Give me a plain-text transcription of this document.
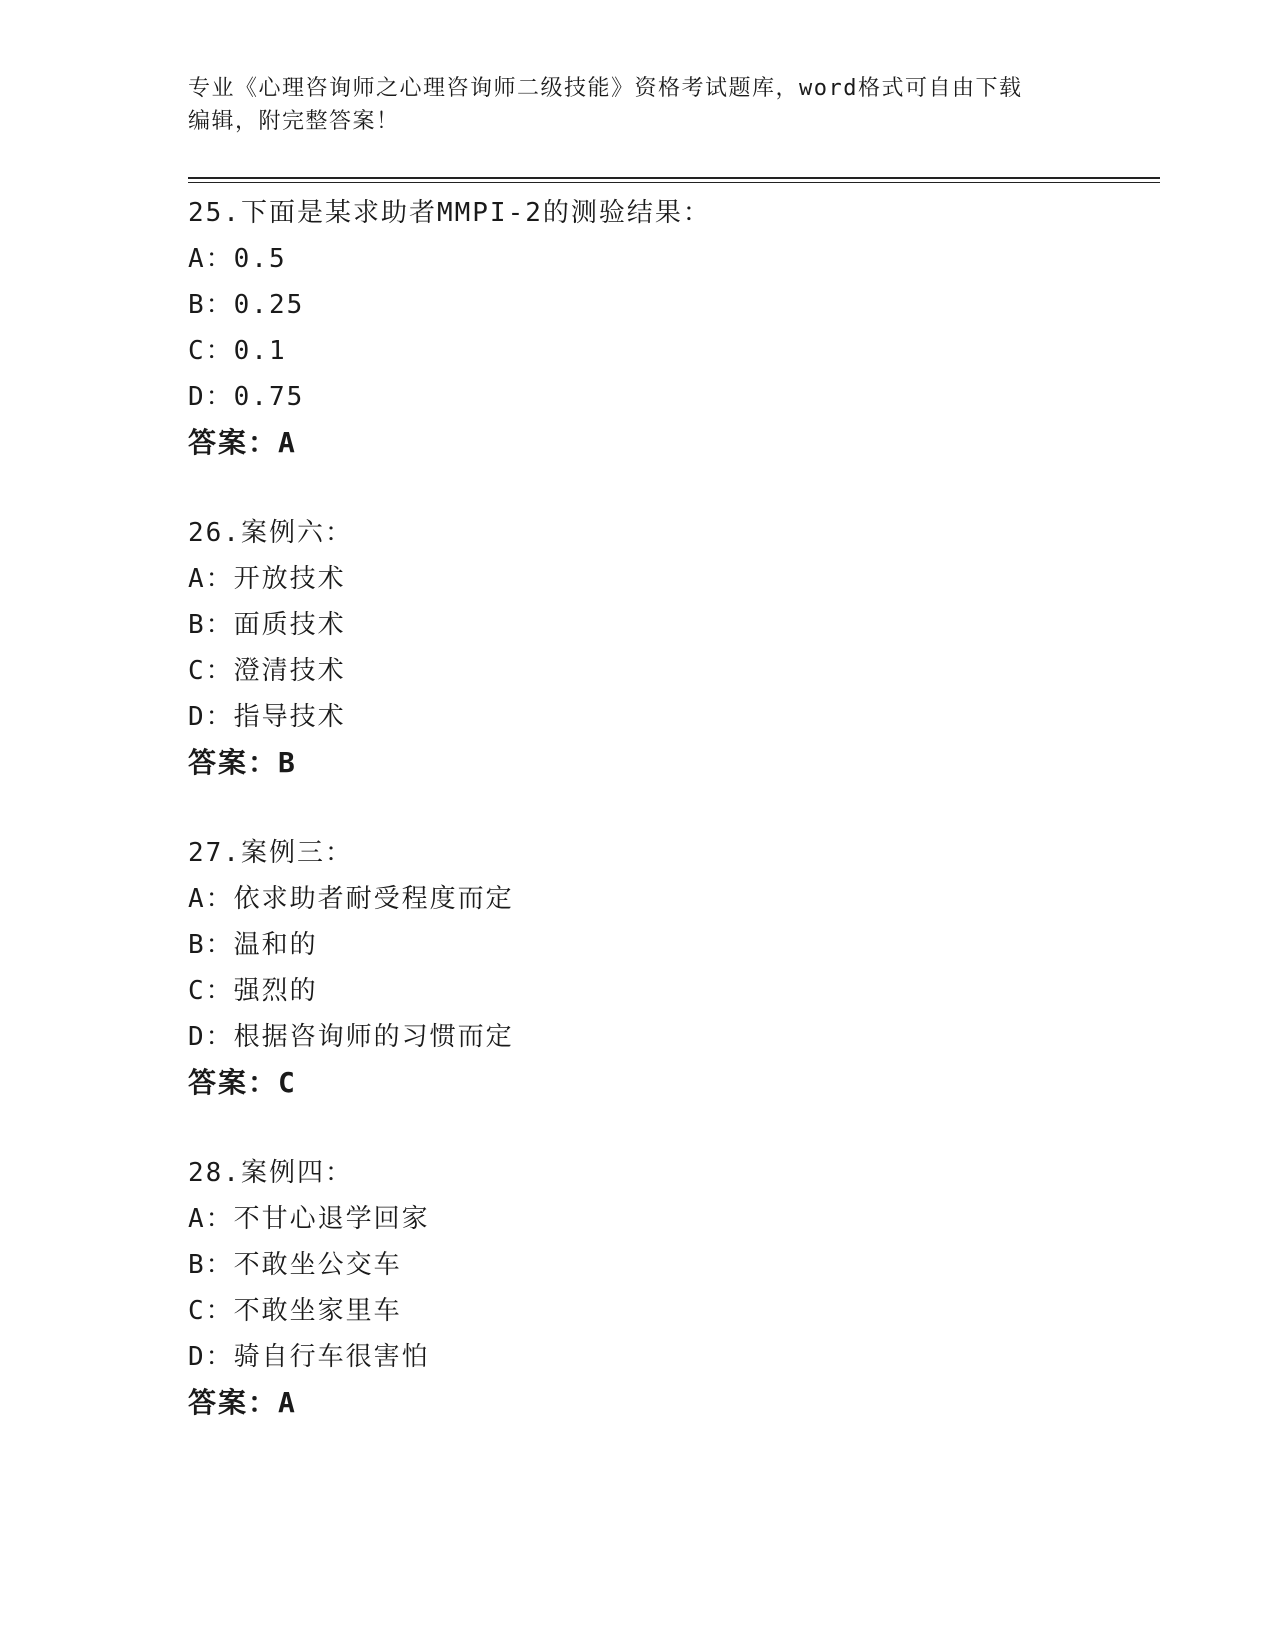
专业《心理咨询师之心理咨询师二级技能》资格考试题库，word格式可自由下载
编辑，附完整答案！
25.下面是某求助者MMPI-2的测验结果：
A：0.5
B：0.25
C：0.1
D：0.75
答案：A
26.案例六：
A：开放技术
B：面质技术
C：澄清技术
D：指导技术
答案：B
27.案例三：
A：依求助者耐受程度而定
B：温和的
C：强烈的
D：根据咨询师的习惯而定
答案：C
28.案例四：
A：不甘心退学回家
B：不敢坐公交车
C：不敢坐家里车
D：骑自行车很害怕
答案：A
